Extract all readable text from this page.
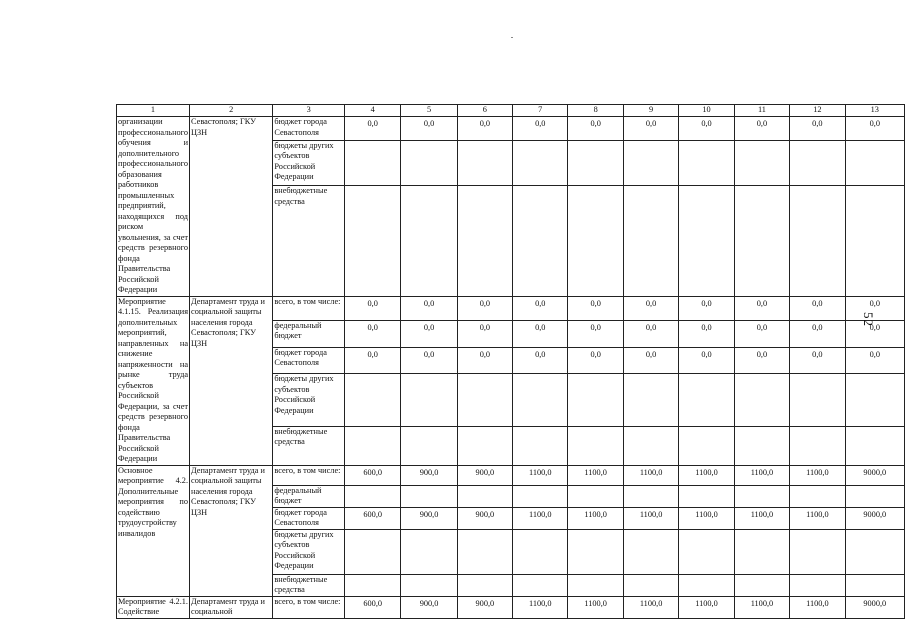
1	2	3	4	5	6	7	8	9	10	11	12	13
организации профессионального обучения и дополнительного профессионального образования работников промышленных предприятий, находящихся под риском увольнения, за счет средств резервного фонда Правительства Российской Федерации	Севастополя; ГКУ ЦЗН	бюджет города Севастополя	0,0	0,0	0,0	0,0	0,0	0,0	0,0	0,0	0,0	0,0
		бюджеты других субъектов Российской Федерации										
		внебюджетные средства										
Мероприятие 4.1.15. Реализация дополнительных мероприятий, направленных на снижение напряженности на рынке труда субъектов Российской Федерации, за счет средств резервного фонда Правительства Российской Федерации	Департамент труда и социальной защиты населения города Севастополя; ГКУ ЦЗН	всего, в том числе:	0,0	0,0	0,0	0,0	0,0	0,0	0,0	0,0	0,0	0,0
		федеральный бюджет	0,0	0,0	0,0	0,0	0,0	0,0	0,0	0,0	0,0	0,0
		бюджет города Севастополя	0,0	0,0	0,0	0,0	0,0	0,0	0,0	0,0	0,0	0,0
		бюджеты других субъектов Российской Федерации										
		внебюджетные средства										
Основное мероприятие 4.2. Дополнительные мероприятия по содействию трудоустройству инвалидов	Департамент труда и социальной защиты населения города Севастополя; ГКУ ЦЗН	всего, в том числе:	600,0	900,0	900,0	1100,0	1100,0	1100,0	1100,0	1100,0	1100,0	9000,0
		федеральный бюджет										
		бюджет города Севастополя	600,0	900,0	900,0	1100,0	1100,0	1100,0	1100,0	1100,0	1100,0	9000,0
		бюджеты других субъектов Российской Федерации										
		внебюджетные средства										
Мероприятие 4.2.1. Содействие	Департамент труда и социальной	всего, в том числе:	600,0	900,0	900,0	1100,0	1100,0	1100,0	1100,0	1100,0	1100,0	9000,0
52
